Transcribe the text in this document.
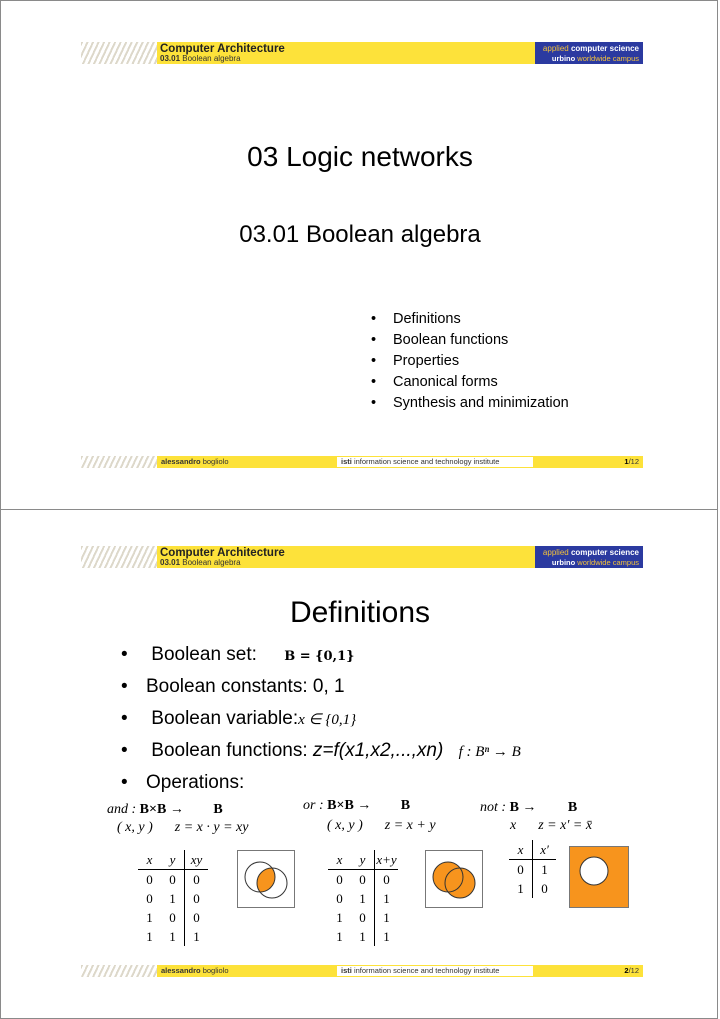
Computer Architecture
03.01 Boolean algebra
applied computer science
urbino worldwide campus
03 Logic networks
03.01 Boolean algebra
• Definitions
• Boolean functions
• Properties
• Canonical forms
• Synthesis and minimization
alessandro bogliolo	isti information science and technology institute	1/12
Computer Architecture
03.01 Boolean algebra
applied computer science
urbino worldwide campus
Definitions
• Boolean set: B = {0,1}
• Boolean constants: 0, 1
• Boolean variable:x ∈ {0,1}
• Boolean functions: z=f(x1,x2,...,xn) f : Bⁿ → B
• Operations:
and : B×B → B
( x, y ) z = x · y = xy
x	y	xy
0	0	0
0	1	0
1	0	0
1	1	1
or : B×B → B
( x, y ) z = x + y
x	y	x+y
0	0	0
0	1	1
1	0	1
1	1	1
not : B → B
x z = x′ = x̄
x	x′
0	1
1	0
alessandro bogliolo	isti information science and technology institute	2/12
